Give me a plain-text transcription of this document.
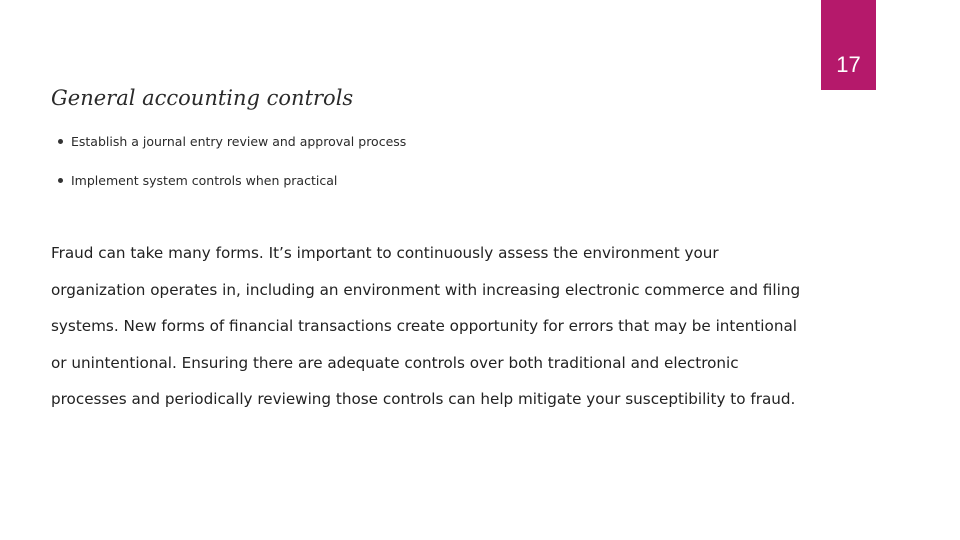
17
General accounting controls
Establish a journal entry review and approval process
Implement system controls when practical

Fraud can take many forms. It’s important to continuously assess the environment your organization operates in, including an environment with increasing electronic commerce and filing systems. New forms of financial transactions create opportunity for errors that may be intentional or unintentional. Ensuring there are adequate controls over both traditional and electronic processes and periodically reviewing those controls can help mitigate your susceptibility to fraud.
